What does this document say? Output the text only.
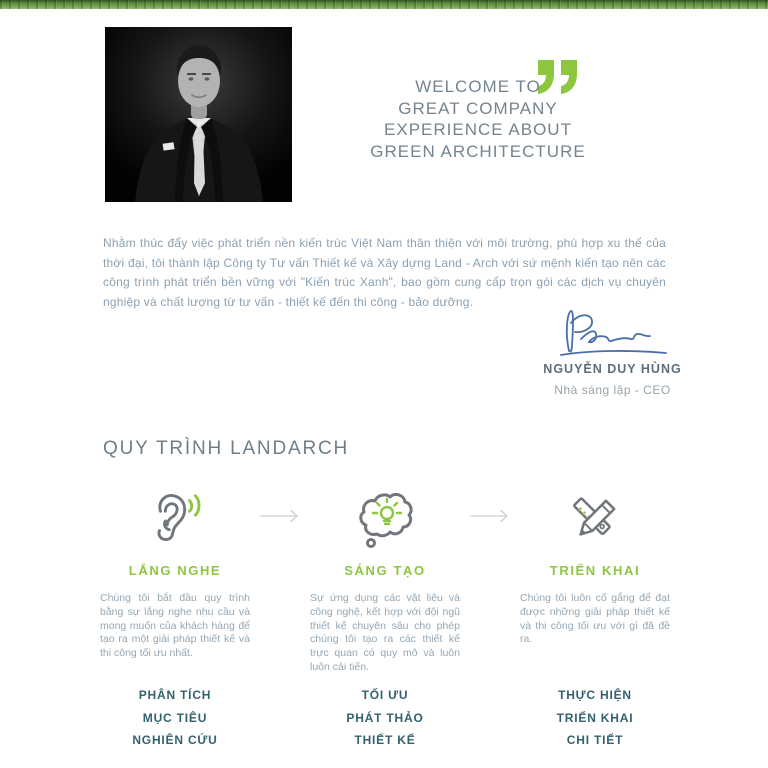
WELCOME TO
GREAT COMPANY
EXPERIENCE ABOUT
GREEN ARCHITECTURE

Nhằm thúc đẩy việc phát triển nền kiến trúc Việt Nam thân thiện với môi trường, phù hợp xu thế của thời đại, tôi thành lập Công ty Tư vấn Thiết kế và Xây dựng Land - Arch với sứ mệnh kiến tạo nên các công trình phát triển bền vững với "Kiến trúc Xanh", bao gồm cung cấp trọn gói các dịch vụ chuyên nghiệp và chất lượng từ tư vấn - thiết kế đến thi công - bảo dưỡng.

NGUYỄN DUY HÙNG
Nhà sáng lập - CEO
QUY TRÌNH LANDARCH
LẮNG NGHE
Chúng tôi bắt đầu quy trình bằng sự lắng nghe nhu cầu và mong muốn của khách hàng để tạo ra một giải pháp thiết kế và thi công tối ưu nhất.
SÁNG TẠO
Sự ứng dụng các vật liệu và công nghệ, kết hợp với đội ngũ thiết kế chuyên sâu cho phép chúng tôi tạo ra các thiết kế trực quan có quy mô và luôn luôn cải tiến.
TRIỂN KHAI
Chúng tôi luôn cố gắng để đạt được những giải pháp thiết kế và thi công tối ưu với gì đã đề ra.
PHÂN TÍCH
MỤC TIÊU
NGHIÊN CỨU
TỐI ƯU
PHÁT THẢO
THIẾT KẾ
THỰC HIỆN
TRIỂN KHAI
CHI TIẾT
